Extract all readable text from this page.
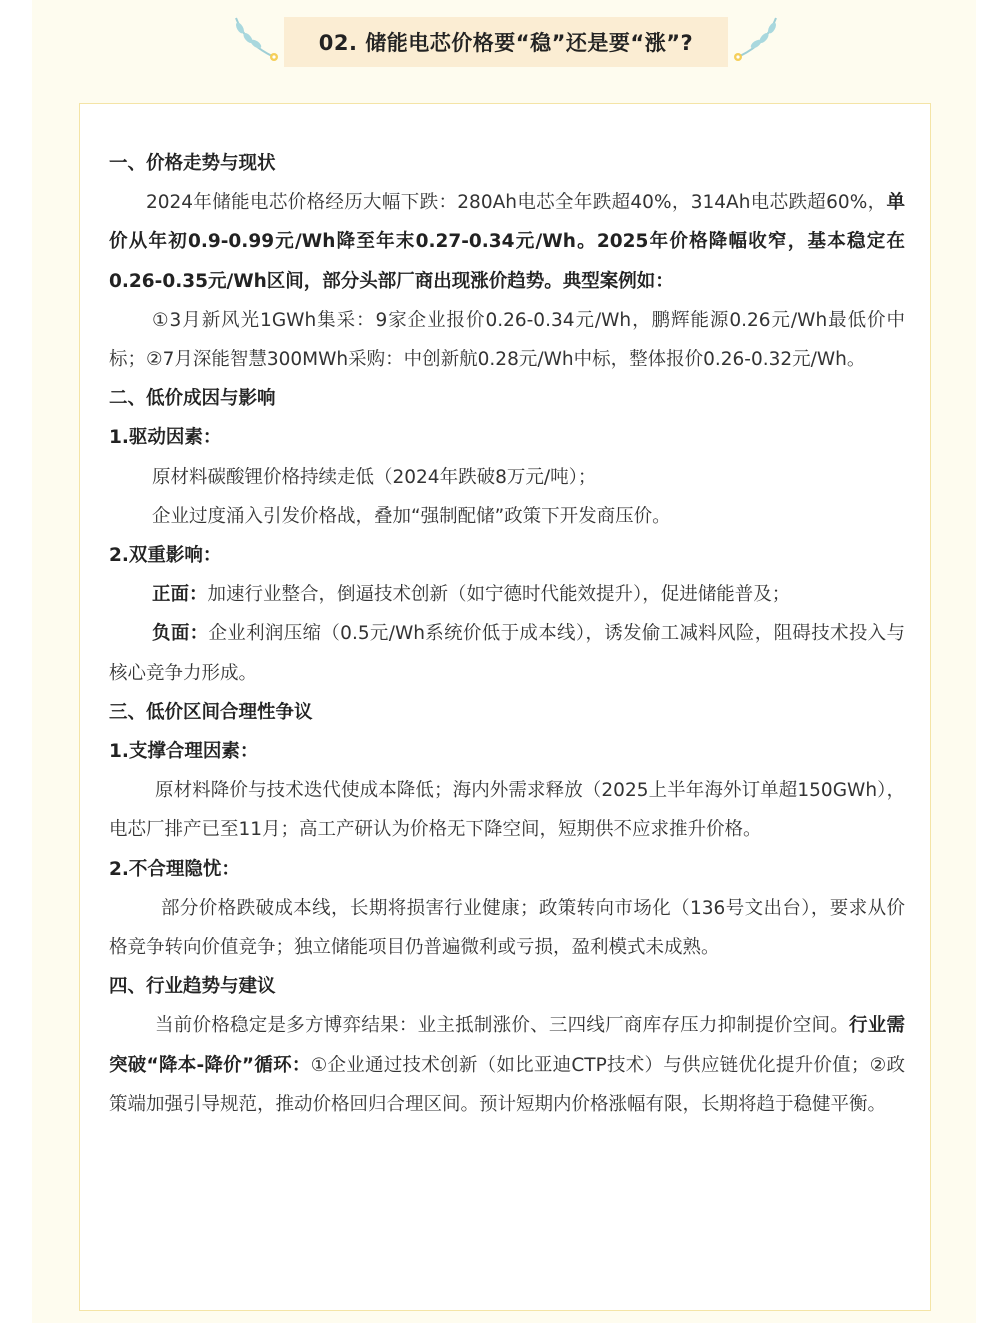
02. 储能电芯价格要“稳”还是要“涨”?

一、价格走势与现状

2024年储能电芯价格经历大幅下跌：280Ah电芯全年跌超40%，314Ah电芯跌超60%，单价从年初0.9-0.99元/Wh降至年末0.27-0.34元/Wh。2025年价格降幅收窄，基本稳定在0.26-0.35元/Wh区间，部分头部厂商出现涨价趋势。典型案例如：

①3月新风光1GWh集采：9家企业报价0.26-0.34元/Wh，鹏辉能源0.26元/Wh最低价中标；②7月深能智慧300MWh采购：中创新航0.28元/Wh中标，整体报价0.26-0.32元/Wh。

二、低价成因与影响

1.驱动因素：

原材料碳酸锂价格持续走低（2024年跌破8万元/吨）；

企业过度涌入引发价格战，叠加“强制配储”政策下开发商压价。

2.双重影响：

正面：加速行业整合，倒逼技术创新（如宁德时代能效提升），促进储能普及；

负面：企业利润压缩（0.5元/Wh系统价低于成本线），诱发偷工减料风险，阻碍技术投入与核心竞争力形成。

三、低价区间合理性争议

1.支撑合理因素：

原材料降价与技术迭代使成本降低；海内外需求释放（2025上半年海外订单超150GWh），电芯厂排产已至11月；高工产研认为价格无下降空间，短期供不应求推升价格。

2.不合理隐忧：

部分价格跌破成本线，长期将损害行业健康；政策转向市场化（136号文出台），要求从价格竞争转向价值竞争；独立储能项目仍普遍微利或亏损，盈利模式未成熟。

四、行业趋势与建议

当前价格稳定是多方博弈结果：业主抵制涨价、三四线厂商库存压力抑制提价空间。行业需突破“降本-降价”循环：①企业通过技术创新（如比亚迪CTP技术）与供应链优化提升价值；②政策端加强引导规范，推动价格回归合理区间。预计短期内价格涨幅有限，长期将趋于稳健平衡。
